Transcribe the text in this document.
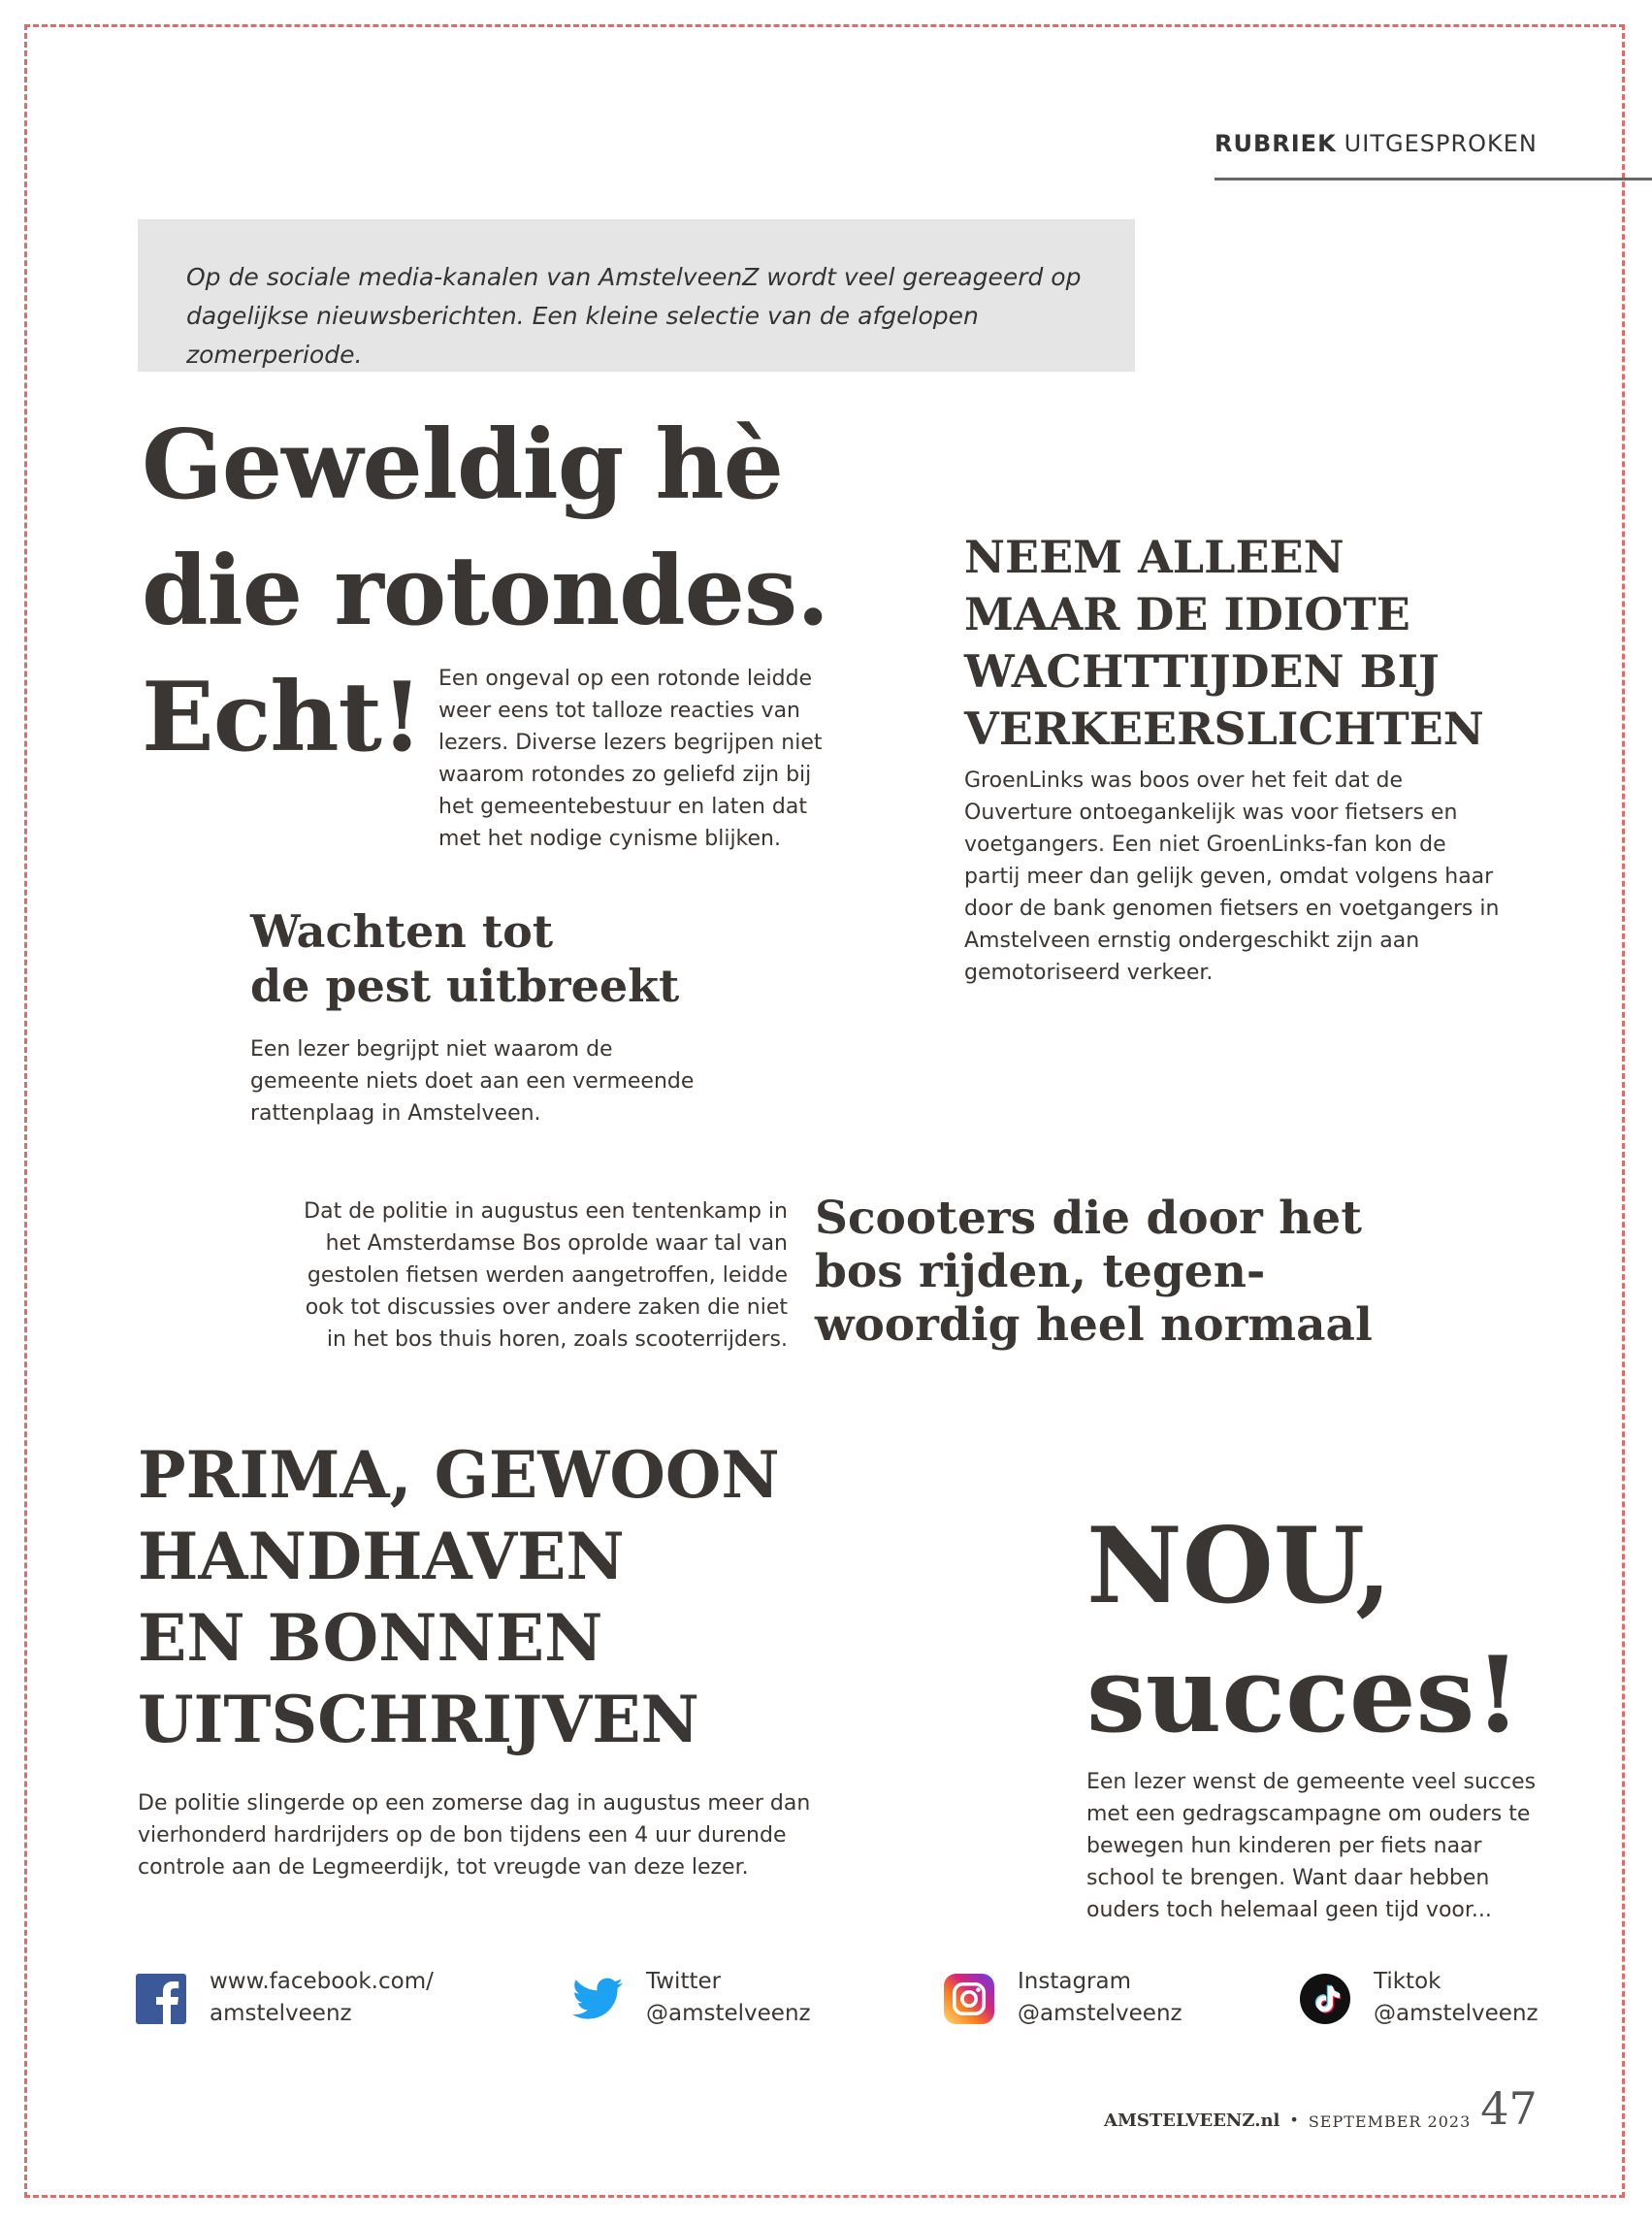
RUBRIEK UITGESPROKEN
Op de sociale media-kanalen van AmstelveenZ wordt veel gereageerd op
dagelijkse nieuwsberichten. Een kleine selectie van de afgelopen zomerperiode.
Geweldig hè
die rotondes.
Echt! Een ongeval op een rotonde leidde weer eens tot talloze reacties van lezers. Diverse lezers begrijpen niet waarom rotondes zo geliefd zijn bij het gemeentebestuur en laten dat met het nodige cynisme blijken.
NEEM ALLEEN
MAAR DE IDIOTE
WACHTTIJDEN BIJ
VERKEERSLICHTEN
GroenLinks was boos over het feit dat de Ouverture ontoegankelijk was voor fietsers en voetgangers. Een niet GroenLinks-fan kon de partij meer dan gelijk geven, omdat volgens haar door de bank genomen fietsers en voetgangers in Amstelveen ernstig ondergeschikt zijn aan gemotoriseerd verkeer.
Wachten tot
de pest uitbreekt
Een lezer begrijpt niet waarom de gemeente niets doet aan een vermeende rattenplaag in Amstelveen.
Dat de politie in augustus een tentenkamp in het Amsterdamse Bos oprolde waar tal van gestolen fietsen werden aangetroffen, leidde ook tot discussies over andere zaken die niet in het bos thuis horen, zoals scooterrijders.
Scooters die door het
bos rijden, tegen-
woordig heel normaal
PRIMA, GEWOON
HANDHAVEN
EN BONNEN
UITSCHRIJVEN
De politie slingerde op een zomerse dag in augustus meer dan vierhonderd hardrijders op de bon tijdens een 4 uur durende controle aan de Legmeerdijk, tot vreugde van deze lezer.
NOU,
succes!
Een lezer wenst de gemeente veel succes met een gedragscampagne om ouders te bewegen hun kinderen per fiets naar school te brengen. Want daar hebben ouders toch helemaal geen tijd voor...
www.facebook.com/
amstelveenz
Twitter
@amstelveenz
Instagram
@amstelveenz
Tiktok
@amstelveenz
AMSTELVEENZ.nl • SEPTEMBER 2023 47
